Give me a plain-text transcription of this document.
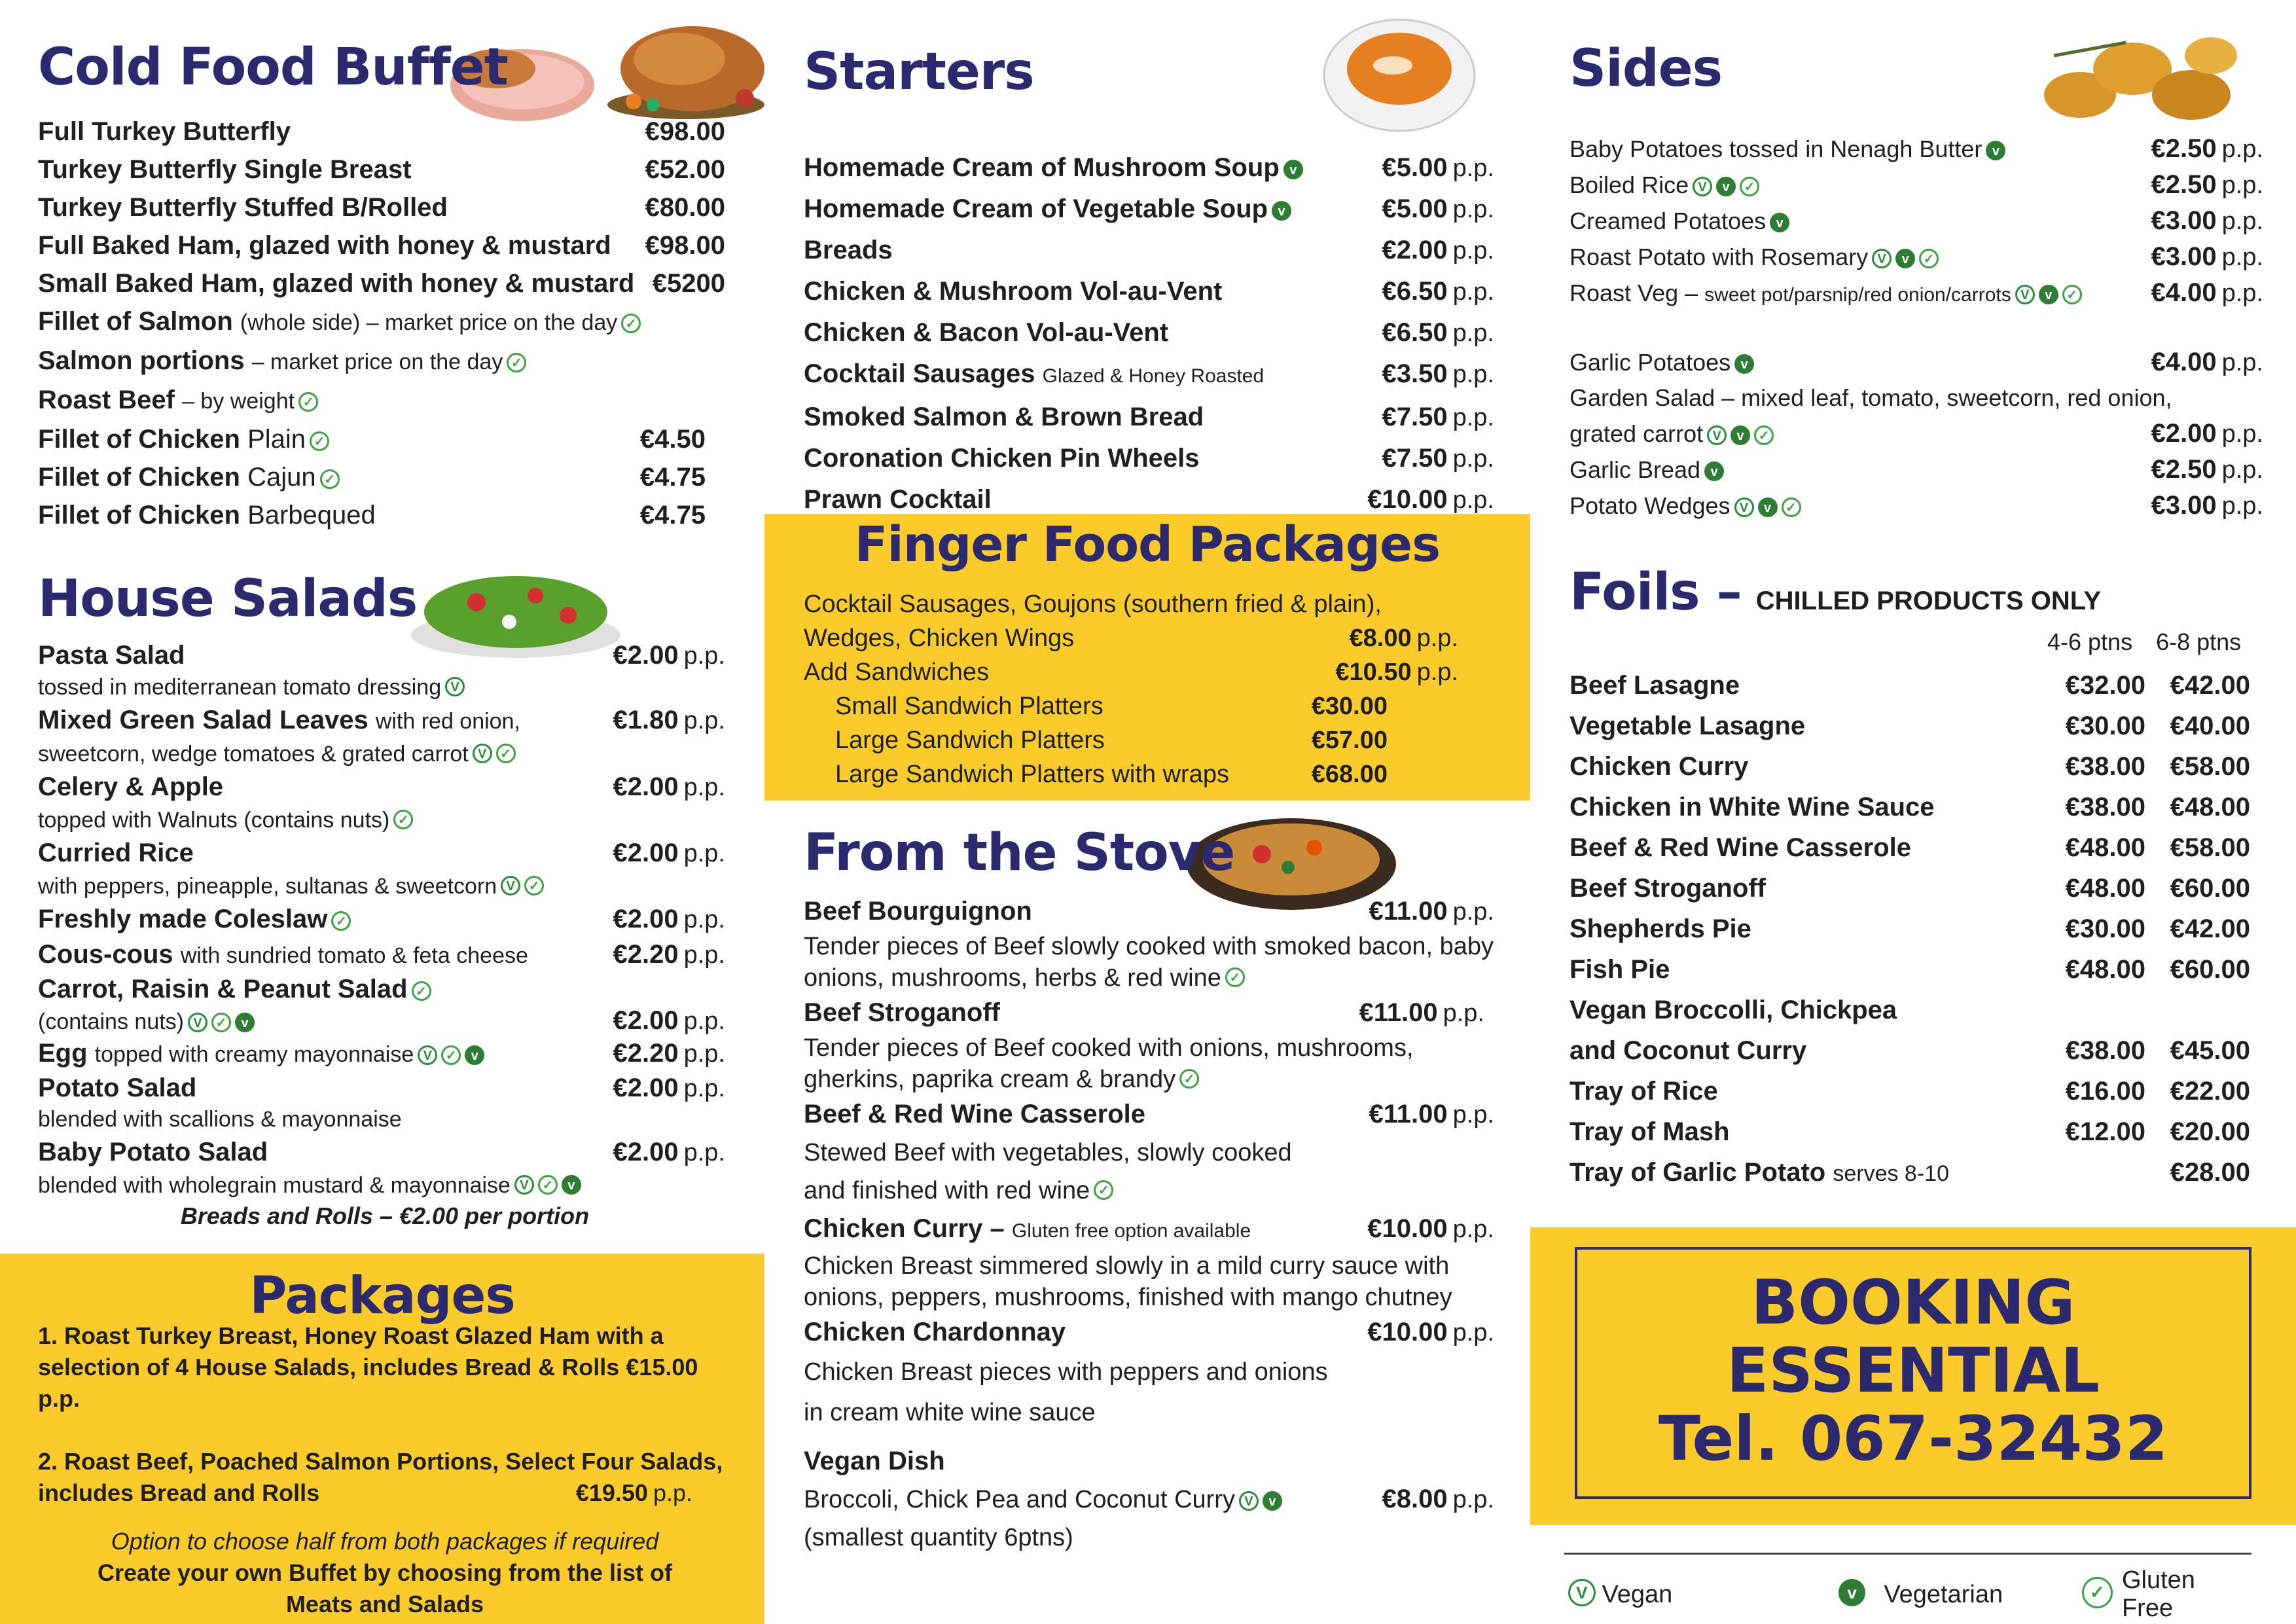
Cold Food Buffet
Full Turkey Butterfly	€98.00
Turkey Butterfly Single Breast	€52.00
Turkey Butterfly Stuffed B/Rolled	€80.00
Full Baked Ham, glazed with honey & mustard €98.00
Small Baked Ham, glazed with honey & mustard €5200
Fillet of Salmon
(whole side) – market price on the day ✓
Salmon portions
– market price on the day ✓
Roast Beef
– by weight ✓
Fillet of Chicken
Plain ✓	€4.50
Fillet of Chicken
Cajun ✓	€4.75
Fillet of Chicken
Barbequed	€4.75
House Salads
Pasta Salad	€2.00 p.p.
tossed in mediterranean tomato dressing V
Mixed Green Salad Leaves
with red onion,	€1.80 p.p.
sweetcorn, wedge tomatoes & grated carrot V ✓
Celery & Apple	€2.00 p.p.
topped with Walnuts (contains nuts) ✓
Curried Rice	€2.00 p.p.
with peppers, pineapple, sultanas & sweetcorn V ✓
Freshly made Coleslaw ✓	€2.00 p.p.
Cous-cous
with sundried tomato & feta cheese	€2.20 p.p.
Carrot, Raisin & Peanut Salad ✓
(contains nuts) V	✓	v	€2.00 p.p.
Egg
topped with creamy mayonnaise V	✓	v	€2.20 p.p.
Potato Salad	€2.00 p.p.
blended with scallions & mayonnaise
Baby Potato Salad	€2.00 p.p.
blended with wholegrain mustard & mayonnaise V ✓ v
Breads and Rolls – €2.00 per portion
Packages
1. Roast Turkey Breast, Honey Roast Glazed Ham with a
selection of 4 House Salads, includes Bread & Rolls €15.00 p.p.
2. Roast Beef, Poached Salmon Portions, Select Four Salads,
includes Bread and Rolls	€19.50 p.p.
Option to choose half from both packages if required
Create your own Buffet by choosing from the list of
Meats and Salads
Starters
Homemade Cream of Mushroom Soup v	€5.00 p.p.
Homemade Cream of Vegetable Soup v	€5.00 p.p.
Breads	€2.00 p.p.
Chicken & Mushroom Vol-au-Vent	€6.50 p.p.
Chicken & Bacon Vol-au-Vent	€6.50 p.p.
Cocktail Sausages
Glazed & Honey Roasted	€3.50 p.p.
Smoked Salmon & Brown Bread	€7.50 p.p.
Coronation Chicken Pin Wheels	€7.50 p.p.
Prawn Cocktail	€10.00 p.p.
Finger Food Packages
Cocktail Sausages, Goujons (southern fried & plain),
Wedges, Chicken Wings	€8.00 p.p.
Add Sandwiches	€10.50 p.p.
Small Sandwich Platters	€30.00
Large Sandwich Platters	€57.00
Large Sandwich Platters with wraps	€68.00
From the Stove
Beef Bourguignon	€11.00 p.p.
Tender pieces of Beef slowly cooked with smoked bacon, baby
onions, mushrooms, herbs & red wine ✓
Beef Stroganoff	€11.00 p.p.
Tender pieces of Beef cooked with onions, mushrooms,
gherkins, paprika cream & brandy ✓
Beef & Red Wine Casserole	€11.00 p.p.
Stewed Beef with vegetables, slowly cooked
and finished with red wine ✓
Chicken Curry –
Gluten free option available	€10.00 p.p.
Chicken Breast simmered slowly in a mild curry sauce with
onions, peppers, mushrooms, finished with mango chutney
Chicken Chardonnay	€10.00 p.p.
Chicken Breast pieces with peppers and onions
in cream white wine sauce
Vegan Dish
Broccoli, Chick Pea and Coconut Curry V	v	€8.00 p.p.
(smallest quantity 6ptns)
Sides
Baby Potatoes tossed in Nenagh Butter v	€2.50 p.p.
Boiled Rice V	v	✓	€2.50 p.p.
Creamed Potatoes v	€3.00 p.p.
Roast Potato with Rosemary V	v	✓	€3.00 p.p.
Roast Veg –
sweet pot/parsnip/red onion/carrots V	v	✓	€4.00 p.p.
Garlic Potatoes v	€4.00 p.p.
Garden Salad – mixed leaf, tomato, sweetcorn, red onion,
grated carrot V	v	✓	€2.00 p.p.
Garlic Bread v	€2.50 p.p.
Potato Wedges V	v	✓	€3.00 p.p.
Foils – CHILLED PRODUCTS ONLY
4-6 ptns 6-8 ptns
Beef Lasagne	€32.00 €42.00
Vegetable Lasagne	€30.00 €40.00
Chicken Curry	€38.00 €58.00
Chicken in White Wine Sauce	€38.00 €48.00
Beef & Red Wine Casserole	€48.00 €58.00
Beef Stroganoff	€48.00 €60.00
Shepherds Pie	€30.00 €42.00
Fish Pie	€48.00 €60.00
Vegan Broccolli, Chickpea
and Coconut Curry	€38.00 €45.00
Tray of Rice	€16.00 €22.00
Tray of Mash	€12.00 €20.00
Tray of Garlic Potato
serves 8-10	€28.00
BOOKING
ESSENTIAL
Tel. 067-32432
V Vegan	v	Vegetarian	✓ Gluten Free
